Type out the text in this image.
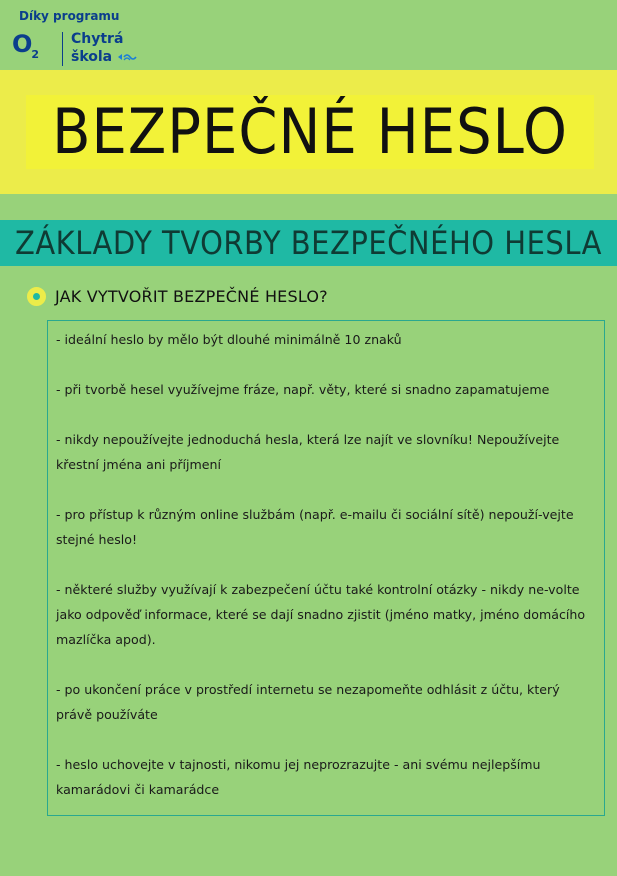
Díky programu
$O_2$
Chytrá
škola
BEZPEČNÉ HESLO
ZÁKLADY TVORBY BEZPEČNÉHO HESLA
JAK VYTVOŘIT BEZPEČNÉ HESLO?
- ideální heslo by mělo být dlouhé minimálně 10 znaků
- při tvorbě hesel využívejme fráze, např. věty, které si snadno zapamatujeme
- nikdy nepoužívejte jednoduchá hesla, která lze najít ve slovníku! Nepoužívejte křestní jména ani příjmení
- pro přístup k různým online službám (např. e-mailu či sociální sítě) nepouží-vejte stejné heslo!
- některé služby využívají k zabezpečení účtu také kontrolní otázky - nikdy ne-volte jako odpověď informace, které se dají snadno zjistit (jméno matky, jméno domácího mazlíčka apod).
- po ukončení práce v prostředí internetu se nezapomeňte odhlásit z účtu, který právě používáte
- heslo uchovejte v tajnosti, nikomu jej neprozrazujte - ani svému nejlepšímu kamarádovi či kamarádce
